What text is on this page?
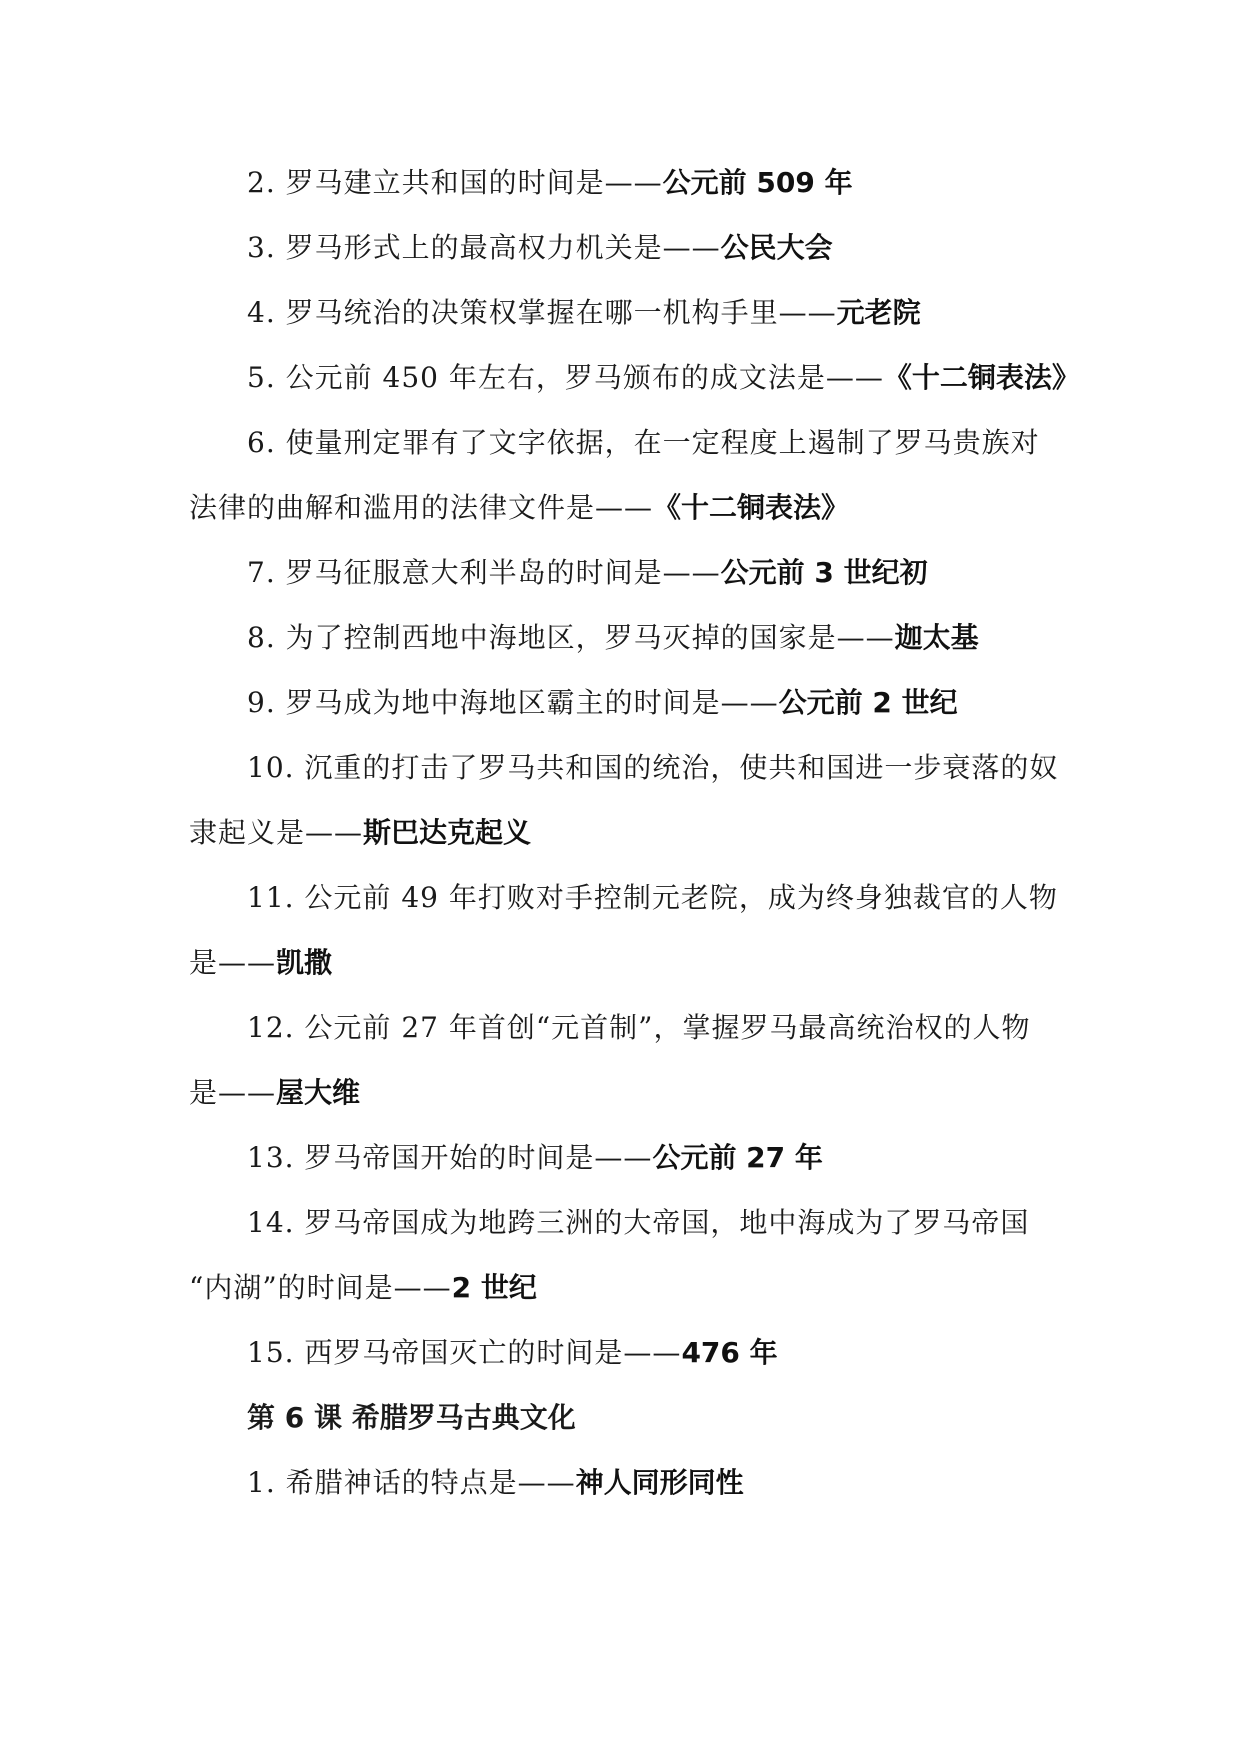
2. 罗马建立共和国的时间是——公元前 509 年
3. 罗马形式上的最高权力机关是——公民大会
4. 罗马统治的决策权掌握在哪一机构手里——元老院
5. 公元前 450 年左右，罗马颁布的成文法是——《十二铜表法》
6. 使量刑定罪有了文字依据，在一定程度上遏制了罗马贵族对
法律的曲解和滥用的法律文件是——《十二铜表法》
7. 罗马征服意大利半岛的时间是——公元前 3 世纪初
8. 为了控制西地中海地区，罗马灭掉的国家是——迦太基
9. 罗马成为地中海地区霸主的时间是——公元前 2 世纪
10. 沉重的打击了罗马共和国的统治，使共和国进一步衰落的奴
隶起义是——斯巴达克起义
11. 公元前 49 年打败对手控制元老院，成为终身独裁官的人物
是——凯撒
12. 公元前 27 年首创“元首制”，掌握罗马最高统治权的人物
是——屋大维
13. 罗马帝国开始的时间是——公元前 27 年
14. 罗马帝国成为地跨三洲的大帝国，地中海成为了罗马帝国
“内湖”的时间是——2 世纪
15. 西罗马帝国灭亡的时间是——476 年
第 6 课 希腊罗马古典文化
1. 希腊神话的特点是——神人同形同性
